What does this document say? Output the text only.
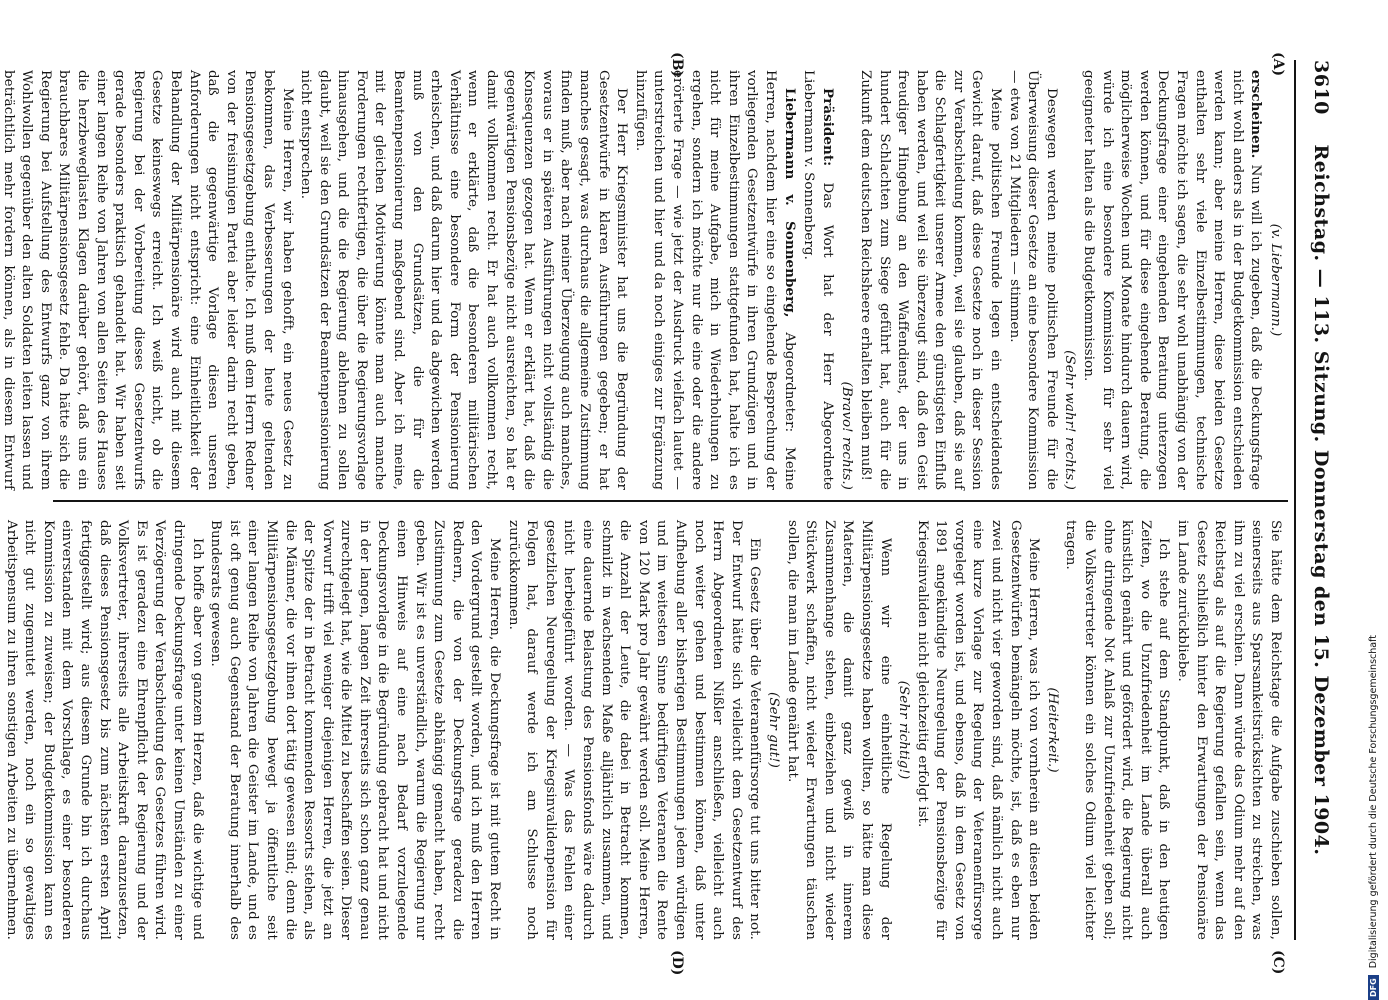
3610
Reichstag. — 113. Sitzung. Donnerstag den 15. Dezember 1904.
(A)
(B)
(C)
(D)

(v. Liebermann.)

erscheinen. Nun will ich zugeben, daß die Deckungsfrage nicht wohl anders als in der Budgetkommission entschieden werden kann; aber meine Herren, diese beiden Gesetze enthalten sehr viele Einzelbestimmungen, technische Fragen möchte ich sagen, die sehr wohl unabhängig von der Deckungsfrage einer eingehenden Beratung unterzogen werden können, und für diese eingehende Beratung, die möglicherweise Wochen und Monate hindurch dauern wird, würde ich eine besondere Kommission für sehr viel geeigneter halten als die Budgetkommission.

(Sehr wahr! rechts.)

Deswegen werden meine politischen Freunde für die Überweisung dieser Gesetze an eine besondere Kommission — etwa von 21 Mitgliedern — stimmen.

Meine politischen Freunde legen ein entscheidendes Gewicht darauf, daß diese Gesetze noch in dieser Session zur Verabschiedung kommen, weil sie glauben, daß sie auf die Schlagfertigkeit unserer Armee den günstigsten Einfluß haben werden, und weil sie überzeugt sind, daß den Geist freudiger Hingebung an den Waffendienst, der uns in hundert Schlachten zum Siege geführt hat, auch für die Zukunft dem deutschen Reichsheere erhalten bleiben muß!

(Bravo! rechts.)

Präsident: Das Wort hat der Herr Abgeordnete Liebermann v. Sonnenberg.

Liebermann v. Sonnenberg, Abgeordneter: Meine Herren, nachdem hier eine so eingehende Besprechung der vorliegenden Gesetzentwürfe in ihren Grundzügen und in ihren Einzelbestimmungen stattgefunden hat, halte ich es nicht für meine Aufgabe, mich in Wiederholungen zu ergehen, sondern ich möchte nur die eine oder die andere erörterte Frage — wie jetzt der Ausdruck vielfach lautet — unterstreichen und hier und da noch einiges zur Ergänzung hinzufügen.

Der Herr Kriegsminister hat uns die Begründung der Gesetzentwürfe in klaren Ausführungen gegeben; er hat manches gesagt, was durchaus die allgemeine Zustimmung finden muß, aber nach meiner Überzeugung auch manches, woraus er in späteren Ausführungen nicht vollständig die Konsequenzen gezogen hat. Wenn er erklärt hat, daß die gegenwärtigen Pensionsbezüge nicht ausreichten, so hat er damit vollkommen recht. Er hat auch vollkommen recht, wenn er erklärte, daß die besonderen militärischen Verhältnisse eine besondere Form der Pensionierung erheischen, und daß darum hier und da abgewichen werden muß von den Grundsätzen, die für die Beamtenpensionierung maßgebend sind. Aber ich meine, mit der gleichen Motivierung könnte man auch manche Forderungen rechtfertigen, die über die Regierungsvorlage hinausgehen, und die die Regierung ablehnen zu sollen glaubt, weil sie den Grundsätzen der Beamtenpensionierung nicht entsprechen.

Meine Herren, wir haben gehofft, ein neues Gesetz zu bekommen, das Verbesserungen der heute geltenden Pensionsgesetzgebung enthalte. Ich muß dem Herrn Redner von der freisinnigen Partei aber leider darin recht geben, daß die gegenwärtige Vorlage diesen unseren Anforderungen nicht entspricht: eine Einheitlichkeit der Behandlung der Militärpensionäre wird auch mit diesem Gesetze keineswegs erreicht. Ich weiß nicht, ob die Regierung bei der Vorbereitung dieses Gesetzentwurfs gerade besonders praktisch gehandelt hat. Wir haben seit einer langen Reihe von Jahren von allen Seiten des Hauses die herzbewegliasten Klagen darüber gehört, daß uns ein brauchbares Militärpensionsgesetz fehle. Da hätte sich die Regierung bei Aufstellung des Entwurfs ganz von ihrem Wohlwollen gegenüber den alten Soldaten leiten lassen und beträchtlich mehr fordern können, als in diesem Entwurf

Sie hätte dem Reichstage die Aufgabe zuschieben sollen, seinerseits aus Sparsamkeitsrücksichten zu streichen, was ihm zu viel erschien. Dann würde das Odium mehr auf den Reichstag als auf die Regierung gefallen sein, wenn das Gesetz schließlich hinter den Erwartungen der Pensionäre im Lande zurückbliebe.

Ich stehe auf dem Standpunkt, daß in den heutigen Zeiten, wo die Unzufriedenheit im Lande überall auch künstlich genährt und gefördert wird, die Regierung nicht ohne dringende Not Anlaß zur Unzufriedenheit geben soll; die Volksvertreter können ein solches Odium viel leichter tragen.

(Heiterkeit.)

Meine Herren, was ich von vornherein an diesen beiden Gesetzentwürfen bemängeln möchte, ist, daß es eben nur zwei und nicht vier geworden sind, daß nämlich nicht auch eine kurze Vorlage zur Regelung der Veteranenfürsorge vorgelegt worden ist, und ebenso, daß in dem Gesetz von 1891 angekündigte Neuregelung der Pensionsbezüge für Kriegsinvaliden nicht gleichzeitig erfolgt ist.

(Sehr richtig!)

Wenn wir eine einheitliche Regelung der Militärpensionsgesetze haben wollten, so hätte man diese Materien, die damit ganz gewiß in innerem Zusammenhange stehen, einbeziehen und nicht wieder Stückwerk schaffen, nicht wieder Erwartungen täuschen sollen, die man im Lande genährt hat.

(Sehr gut!)

Ein Gesetz über die Veteranenfürsorge tut uns bitter not. Der Entwurf hätte sich vielleicht dem Gesetzentwurf des Herrn Abgeordneten Nißler anschließen, vielleicht auch noch weiter gehen und bestimmen können, daß unter Aufhebung aller bisherigen Bestimmungen jedem würdigen und im weitesten Sinne bedürftigen Veteranen die Rente von 120 Mark pro Jahr gewährt werden soll. Meine Herren, die Anzahl der Leute, die dabei in Betracht kommen, schmilzt in wachsendem Maße alljährlich zusammen, und eine dauernde Belastung des Pensionsfonds wäre dadurch nicht herbeigeführt worden. — Was das Fehlen einer gesetzlichen Neuregelung der Kriegsinvalidenpension für Folgen hat, darauf werde ich am Schlusse noch zurückkommen.

Meine Herren, die Deckungsfrage ist mit gutem Recht in den Vordergrund gestellt worden, und ich muß den Herren Rednern, die von der Deckungsfrage geradezu die Zustimmung zum Gesetze abhängig gemacht haben, recht geben. Wir ist es unverständlich, warum die Regierung nur einen Hinweis auf eine nach Bedarf vorzulegende Deckungsvorlage in die Begründung gebracht hat und nicht in der langen, langen Zeit ihrerseits sich schon ganz genau zurechtgelegt hat, wie die Mittel zu beschaffen seien. Dieser Vorwurf trifft viel weniger diejenigen Herren, die jetzt an der Spitze der in Betracht kommenden Ressorts stehen, als die Männer, die vor ihnen dort tätig gewesen sind; denn die Militärpensionsgesetzgebung bewegt ja öffentliche seit einer langen Reihe von Jahren die Geister im Lande, und es ist oft genug auch Gegenstand der Beratung innerhalb des Bundesrats gewesen.

Ich hoffe aber von ganzem Herzen, daß die wichtige und dringende Deckungsfrage unter keinen Umständen zu einer Verzögerung der Verabschiedung des Gesetzes führen wird. Es ist geradezu eine Ehrenpflicht der Regierung und der Volksvertreter, ihrerseits alle Arbeitskraft daranzusetzen, daß dieses Pensionsgesetz bis zum nächsten ersten April fertiggestellt wird; aus diesem Grunde bin ich durchaus einverstanden mit dem Vorschlage, es einer besonderen Kommission zu zuweisen; der Budgetkommission kann es nicht gut zugemutet werden, noch ein so gewaltiges Arbeitspensum zu ihren sonstigen Arbeiten zu übernehmen.

DFG Digitalisierung gefördert durch die Deutsche Forschungsgemeinschaft
